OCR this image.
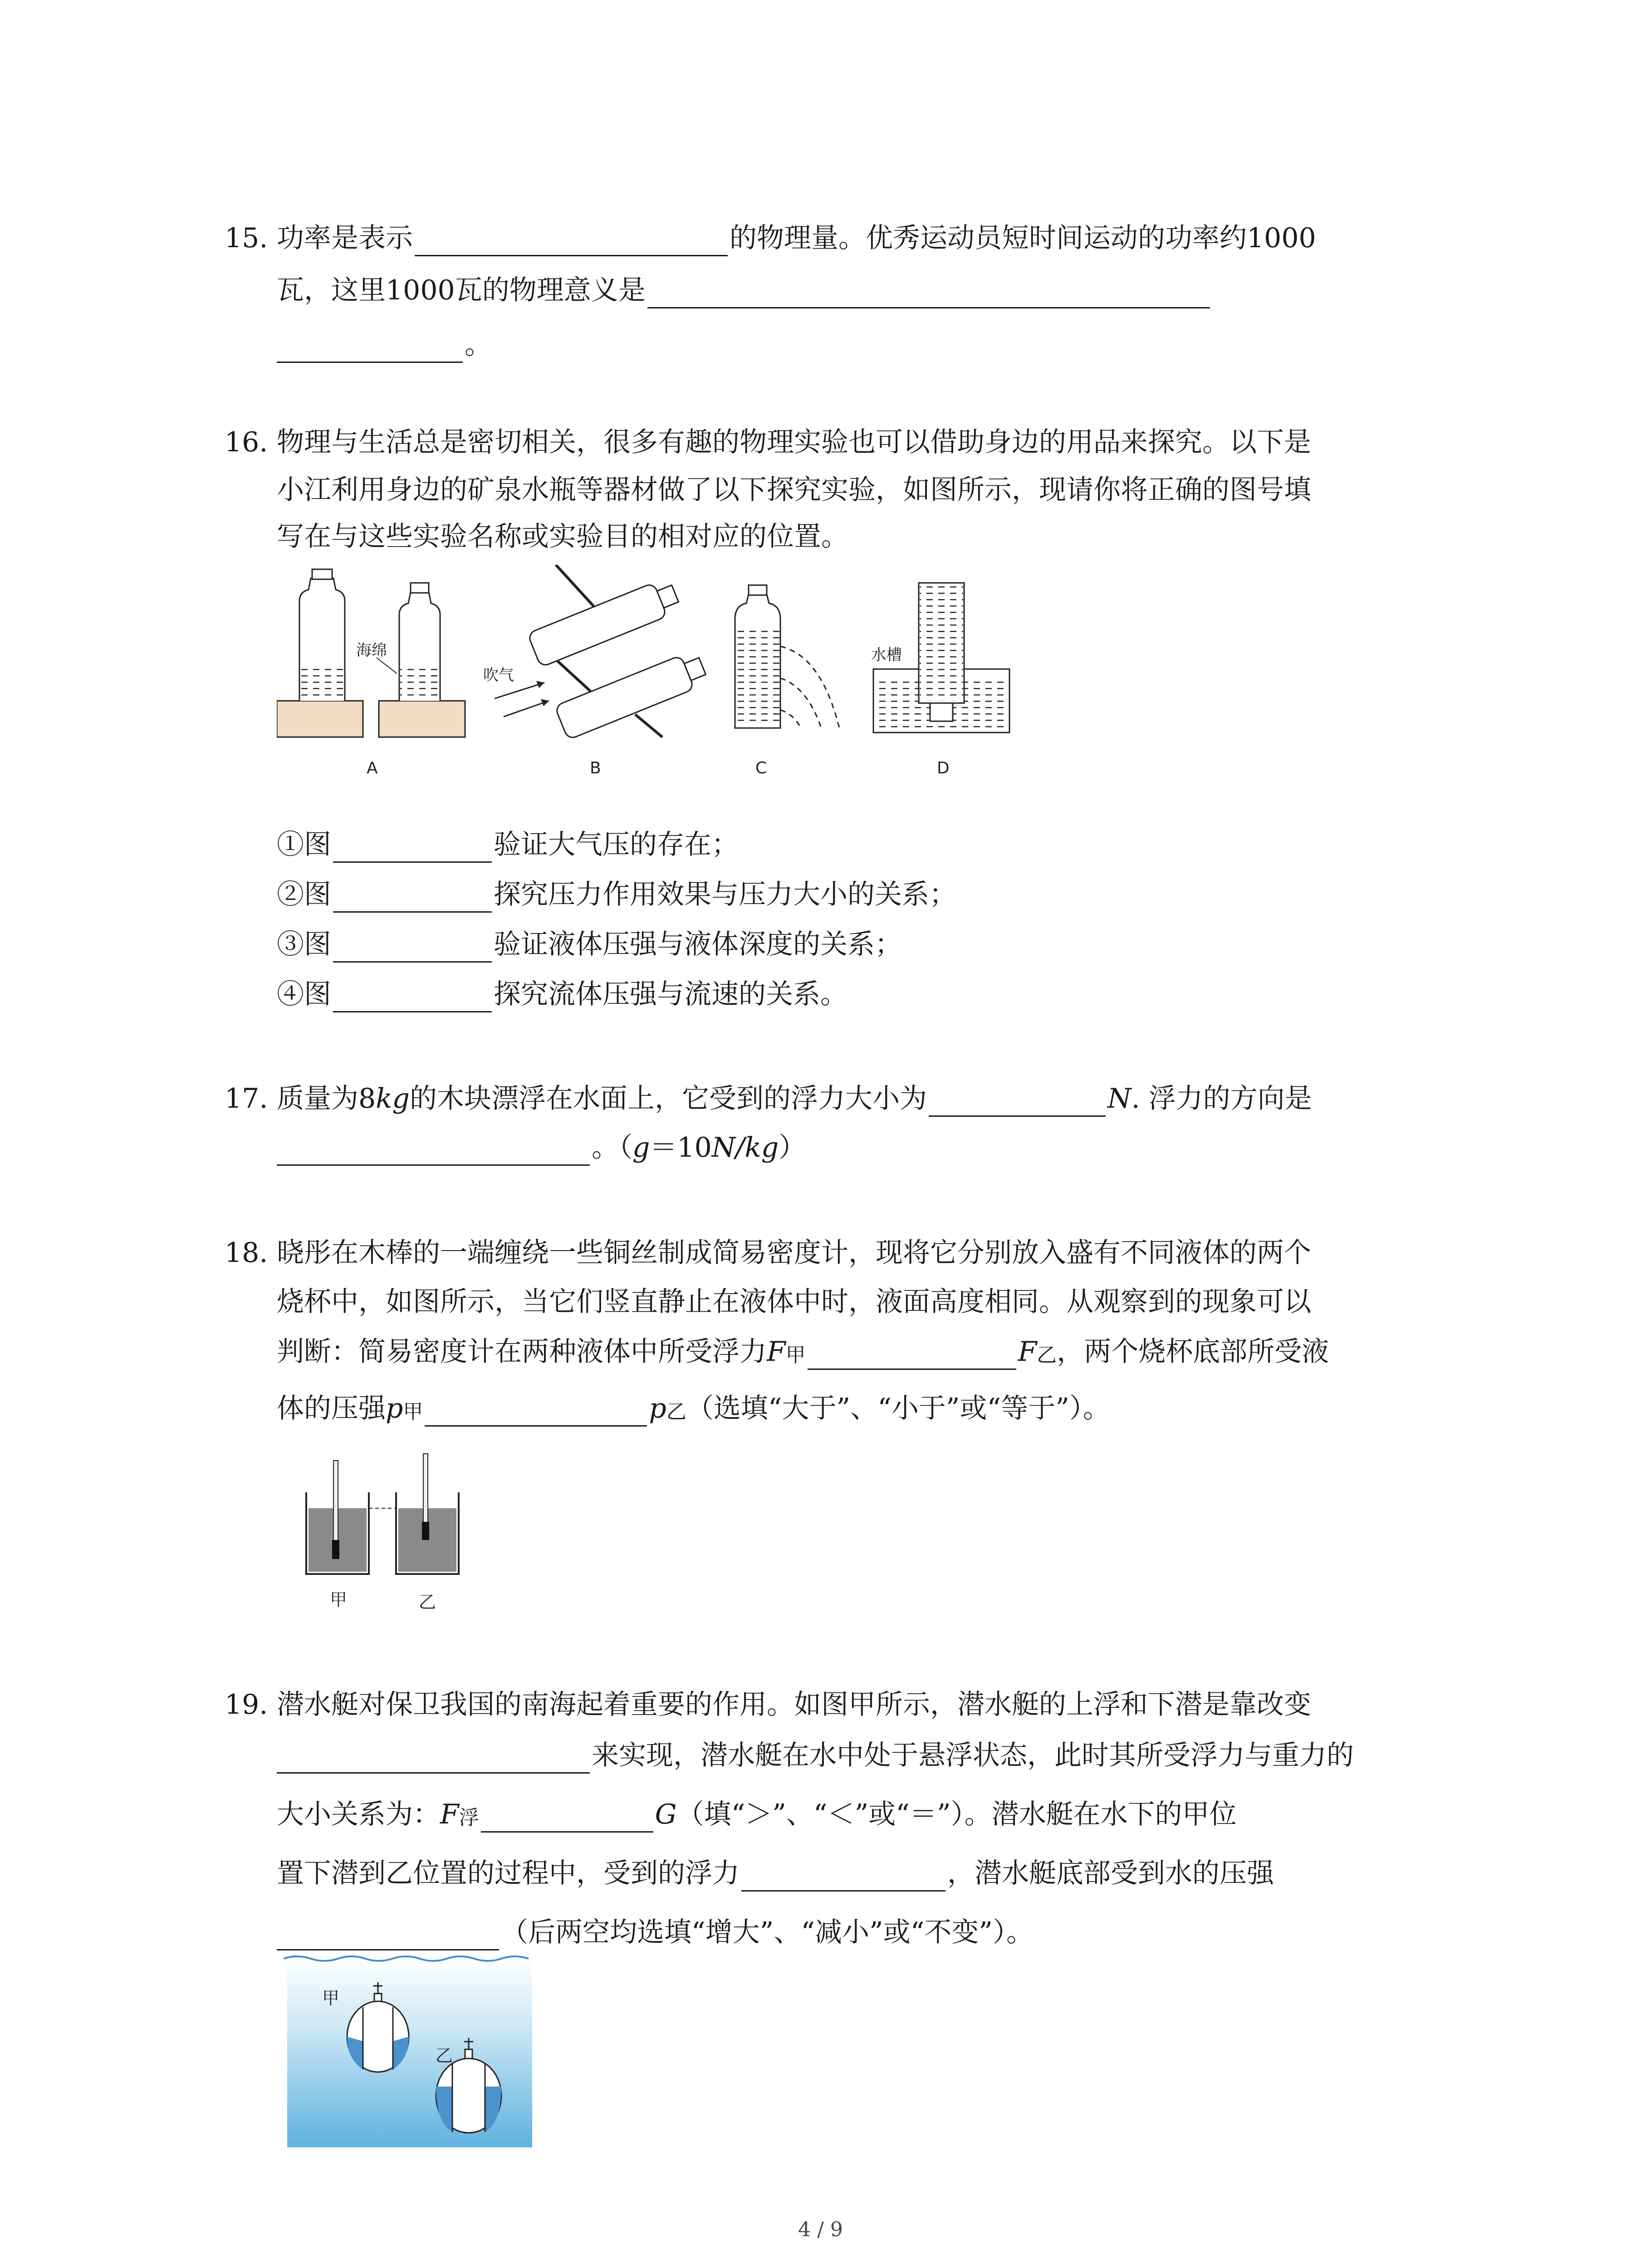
15. 功率是表示	的物理量。优秀运动员短时间运动的功率约1000
瓦，这里1000瓦的物理意义是
。
16. 物理与生活总是密切相关，很多有趣的物理实验也可以借助身边的用品来探究。以下是
小江利用身边的矿泉水瓶等器材做了以下探究实验，如图所示，现请你将正确的图号填
写在与这些实验名称或实验目的相对应的位置。
海绵
A
吹气
B	C
水槽
D
①图	验证大气压的存在；
②图	探究压力作用效果与压力大小的关系；
③图	验证液体压强与液体深度的关系；
④图	探究流体压强与流速的关系。
17. 质量为8 kg 的木块漂浮在水面上，它受到的浮力大小为	N . 浮力的方向是
。（ g ＝10 N/kg ）
18. 晓彤在木棒的一端缠绕一些铜丝制成简易密度计，现将它分别放入盛有不同液体的两个
烧杯中，如图所示，当它们竖直静止在液体中时，液面高度相同。从观察到的现象可以
判断：简易密度计在两种液体中所受浮力 F 甲	F 乙 ，两个烧杯底部所受液
体的压强 p 甲	p 乙 （选填“大于”、“小于”或“等于”）。
甲	乙
19. 潜水艇对保卫我国的南海起着重要的作用。如图甲所示，潜水艇的上浮和下潜是靠改变
来实现，潜水艇在水中处于悬浮状态，此时其所受浮力与重力的
大小关系为： F 浮	G （填“＞”、“＜”或“＝”）。潜水艇在水下的甲位
置下潜到乙位置的过程中，受到的浮力	，潜水艇底部受到水的压强
（后两空均选填“增大”、“减小”或“不变”）。
甲
乙
4 / 9
